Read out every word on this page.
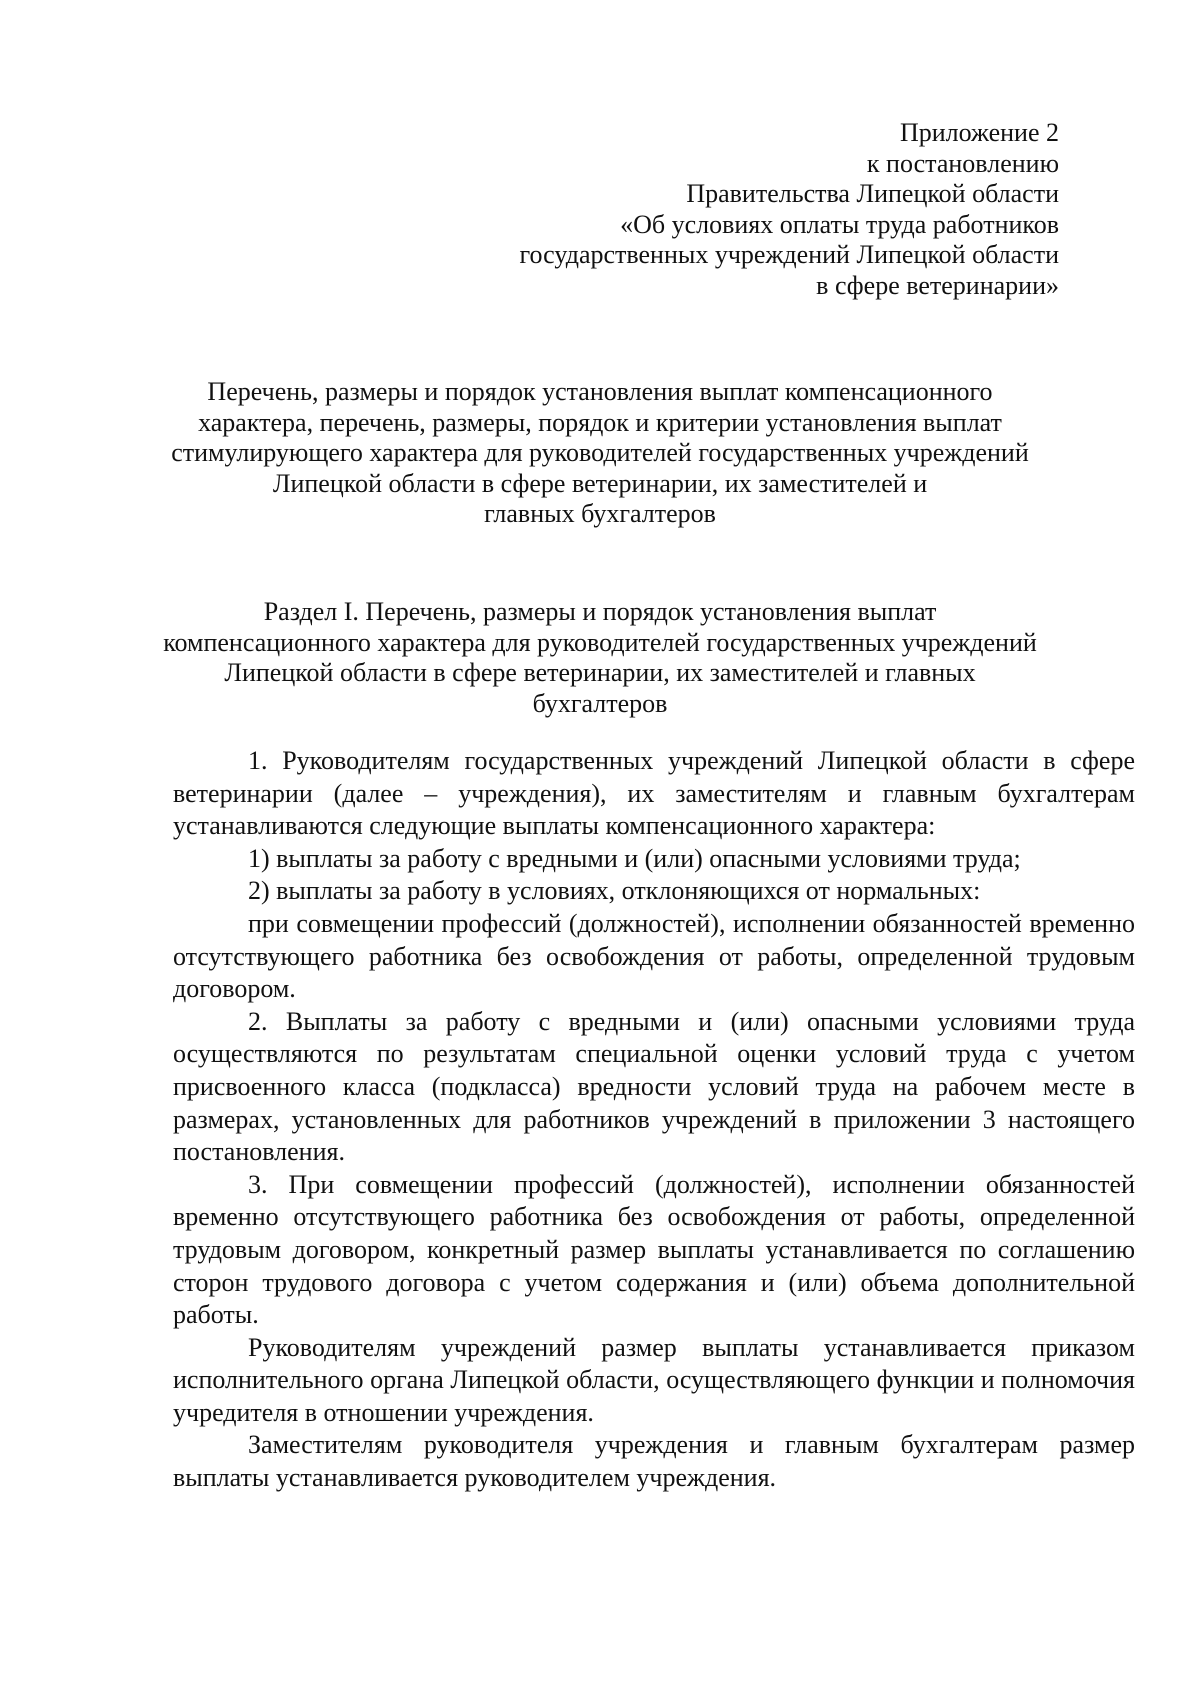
Приложение 2
к постановлению
Правительства Липецкой области
«Об условиях оплаты труда работников
государственных учреждений Липецкой области
в сфере ветеринарии»
Перечень, размеры и порядок установления выплат компенсационного
характера, перечень, размеры, порядок и критерии установления выплат
стимулирующего характера для руководителей государственных учреждений
Липецкой области в сфере ветеринарии, их заместителей и
главных бухгалтеров
Раздел I. Перечень, размеры и порядок установления выплат
компенсационного характера для руководителей государственных учреждений
Липецкой области в сфере ветеринарии, их заместителей и главных
бухгалтеров

1. Руководителям государственных учреждений Липецкой области в сфере ветеринарии (далее – учреждения), их заместителям и главным бухгалтерам устанавливаются следующие выплаты компенсационного характера:

1) выплаты за работу с вредными и (или) опасными условиями труда;

2) выплаты за работу в условиях, отклоняющихся от нормальных:

при совмещении профессий (должностей), исполнении обязанностей временно отсутствующего работника без освобождения от работы, определенной трудовым договором.

2. Выплаты за работу с вредными и (или) опасными условиями труда осуществляются по результатам специальной оценки условий труда с учетом присвоенного класса (подкласса) вредности условий труда на рабочем месте в размерах, установленных для работников учреждений в приложении 3 настоящего постановления.

3. При совмещении профессий (должностей), исполнении обязанностей временно отсутствующего работника без освобождения от работы, определенной трудовым договором, конкретный размер выплаты устанавливается по соглашению сторон трудового договора с учетом содержания и (или) объема дополнительной работы.

Руководителям учреждений размер выплаты устанавливается приказом исполнительного органа Липецкой области, осуществляющего функции и полномочия учредителя в отношении учреждения.

Заместителям руководителя учреждения и главным бухгалтерам размер выплаты устанавливается руководителем учреждения.
